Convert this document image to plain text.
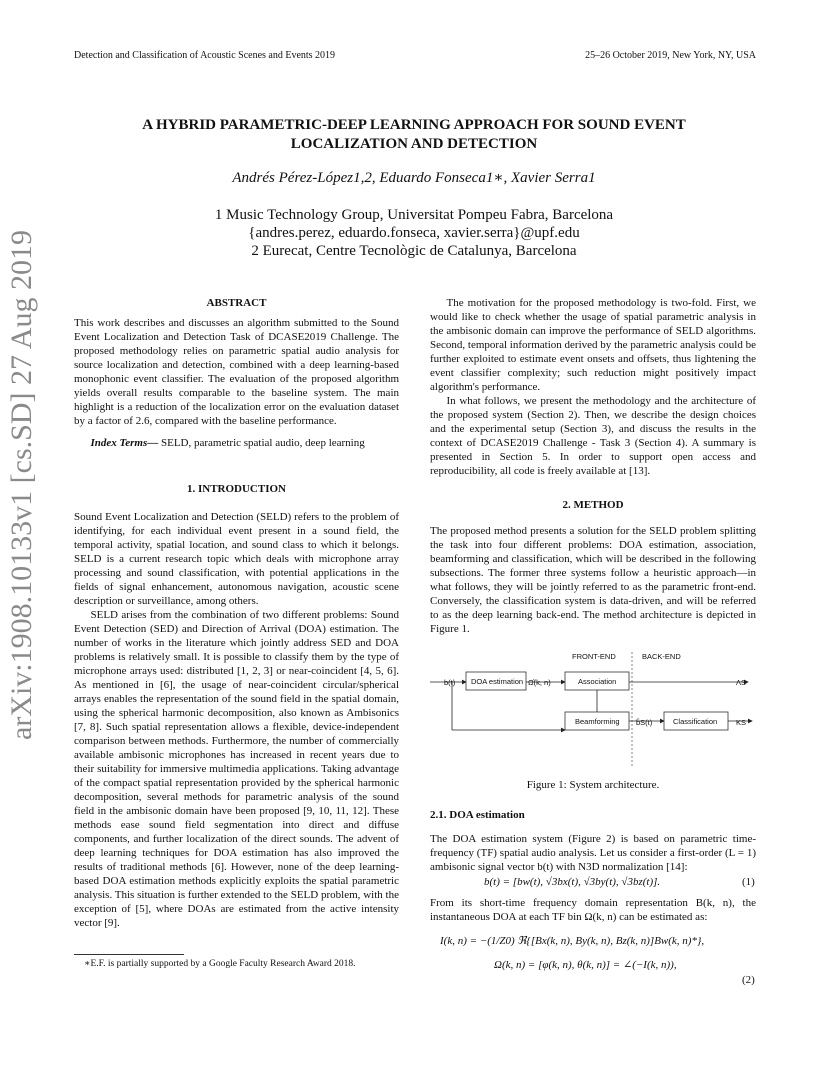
Detection and Classification of Acoustic Scenes and Events 2019	25–26 October 2019, New York, NY, USA
arXiv:1908.10133v1 [cs.SD] 27 Aug 2019
A HYBRID PARAMETRIC-DEEP LEARNING APPROACH FOR SOUND EVENT
LOCALIZATION AND DETECTION
Andrés Pérez-López1,2, Eduardo Fonseca1∗, Xavier Serra1
1 Music Technology Group, Universitat Pompeu Fabra, Barcelona
{andres.perez, eduardo.fonseca, xavier.serra}@upf.edu
2 Eurecat, Centre Tecnològic de Catalunya, Barcelona
ABSTRACT

This work describes and discusses an algorithm submitted to the Sound Event Localization and Detection Task of DCASE2019 Challenge. The proposed methodology relies on parametric spatial audio analysis for source localization and detection, combined with a deep learning-based monophonic event classifier. The evaluation of the proposed algorithm yields overall results comparable to the baseline system. The main highlight is a reduction of the localization error on the evaluation dataset by a factor of 2.6, compared with the baseline performance.

Index Terms— SELD, parametric spatial audio, deep learning

1. INTRODUCTION

Sound Event Localization and Detection (SELD) refers to the problem of identifying, for each individual event present in a sound field, the temporal activity, spatial location, and sound class to which it belongs. SELD is a current research topic which deals with microphone array processing and sound classification, with potential applications in the fields of signal enhancement, autonomous navigation, acoustic scene description or surveillance, among others.

SELD arises from the combination of two different problems: Sound Event Detection (SED) and Direction of Arrival (DOA) estimation. The number of works in the literature which jointly address SED and DOA problems is relatively small. It is possible to classify them by the type of microphone arrays used: distributed [1, 2, 3] or near-coincident [4, 5, 6]. As mentioned in [6], the usage of near-coincident circular/spherical arrays enables the representation of the sound field in the spatial domain, using the spherical harmonic decomposition, also known as Ambisonics [7, 8]. Such spatial representation allows a flexible, device-independent comparison between methods. Furthermore, the number of commercially available ambisonic microphones has increased in recent years due to their suitability for immersive multimedia applications. Taking advantage of the compact spatial representation provided by the spherical harmonic decomposition, several methods for parametric analysis of the sound field in the ambisonic domain have been proposed [9, 10, 11, 12]. These methods ease sound field segmentation into direct and diffuse components, and further localization of the direct sounds. The advent of deep learning techniques for DOA estimation has also improved the results of traditional methods [6]. However, none of the deep learning-based DOA estimation methods explicitly exploits the spatial parametric analysis. This situation is further extended to the SELD problem, with the exception of [5], where DOAs are estimated from the active intensity vector [9].

∗E.F. is partially supported by a Google Faculty Research Award 2018.

The motivation for the proposed methodology is two-fold. First, we would like to check whether the usage of spatial parametric analysis in the ambisonic domain can improve the performance of SELD algorithms. Second, temporal information derived by the parametric analysis could be further exploited to estimate event onsets and offsets, thus lightening the event classifier complexity; such reduction might positively impact algorithm's performance.

In what follows, we present the methodology and the architecture of the proposed system (Section 2). Then, we describe the design choices and the experimental setup (Section 3), and discuss the results in the context of DCASE2019 Challenge - Task 3 (Section 4). A summary is presented in Section 5. In order to support open access and reproducibility, all code is freely available at [13].

2. METHOD

The proposed method presents a solution for the SELD problem splitting the task into four different problems: DOA estimation, association, beamforming and classification, which will be described in the following subsections. The former three systems follow a heuristic approach—in what follows, they will be jointly referred to as the parametric front-end. Conversely, the classification system is data-driven, and will be referred to as the deep learning back-end. The method architecture is depicted in Figure 1.

FRONT-END	BACK-END
b(t) DOA estimation Ω̂(k, n)	Association	ΛS
Beamforming b̂S(t)	Classification	KS
Figure 1: System architecture.
2.1. DOA estimation

The DOA estimation system (Figure 2) is based on parametric time-frequency (TF) spatial audio analysis. Let us consider a first-order (L = 1) ambisonic signal vector b(t) with N3D normalization [14]:

b(t) = [bw(t), √3bx(t), √3by(t), √3bz(t)].	(1)
From its short-time frequency domain representation B(k, n), the instantaneous DOA at each TF bin Ω(k, n) can be estimated as:
I(k, n) = −(1/Z0) ℜ{[Bx(k, n), By(k, n), Bz(k, n)]Bw(k, n)*},
Ω(k, n) = [φ(k, n), θ(k, n)] = ∠(−I(k, n)),
(2)
